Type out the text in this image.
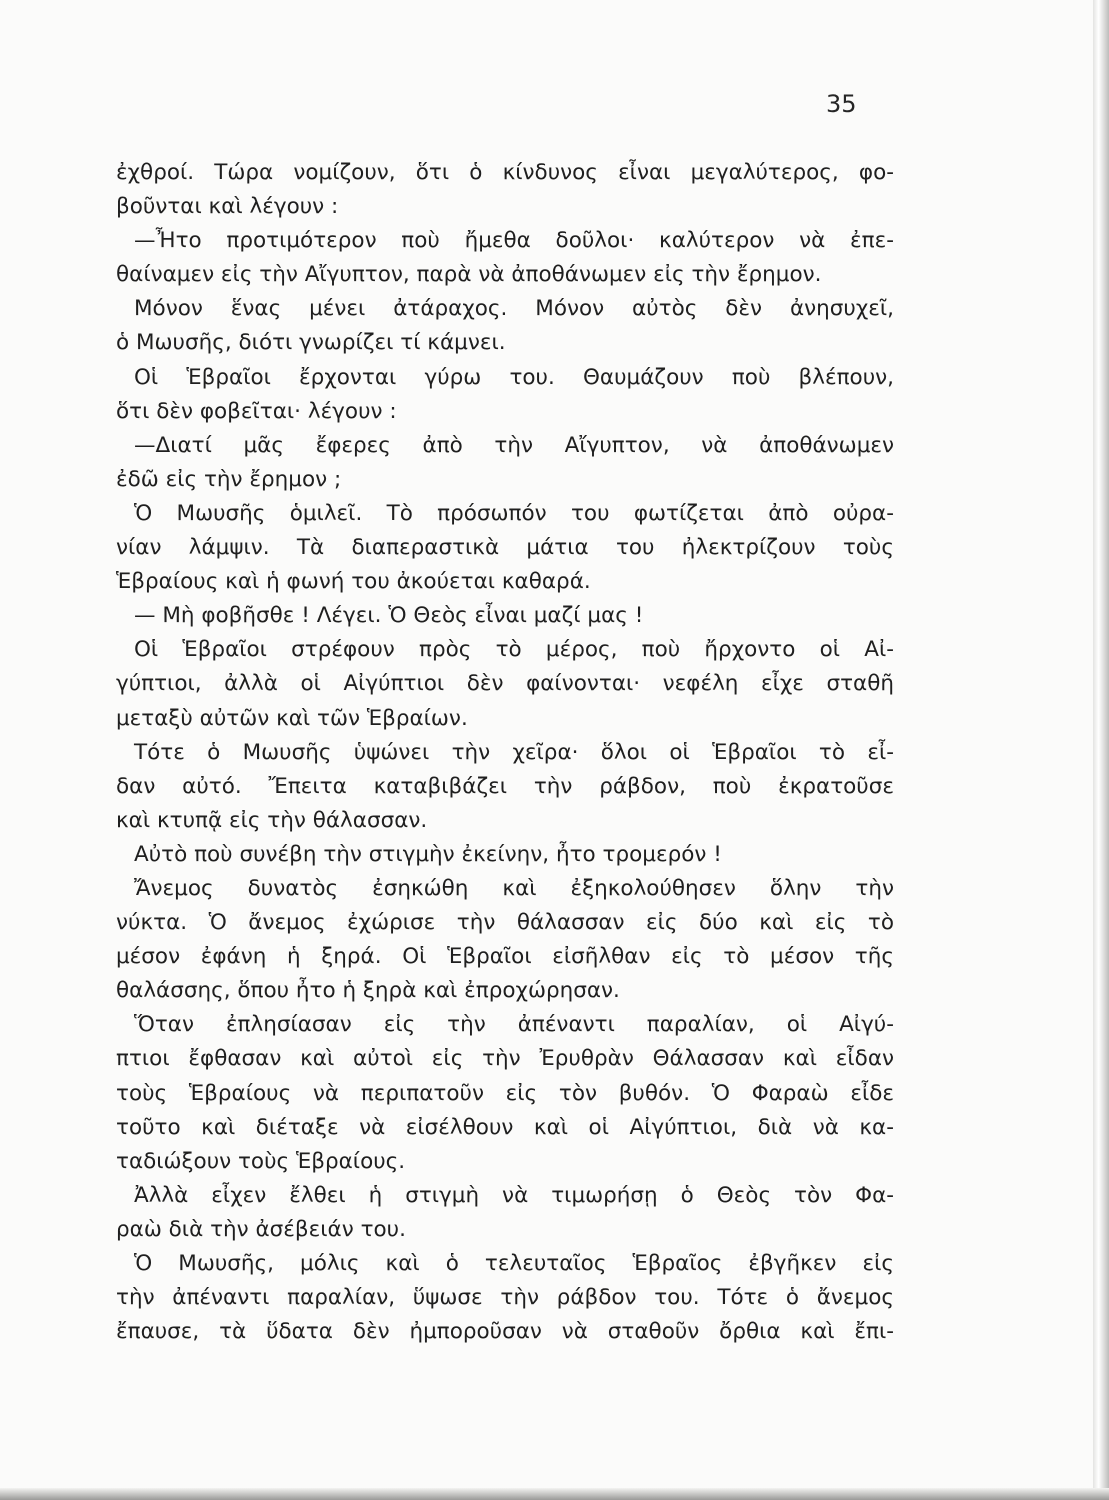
35
ἐχθροί. Τώρα νομίζουν, ὅτι ὁ κίνδυνος εἶναι μεγαλύτερος, φο-
βοῦνται καὶ λέγουν :
—Ἦτο προτιμότερον ποὺ ἤμεθα δοῦλοι· καλύτερον νὰ ἐπε-
θαίναμεν εἰς τὴν Αἴγυπτον, παρὰ νὰ ἀποθάνωμεν εἰς τὴν ἔρημον.
Μόνον ἕνας μένει ἀτάραχος. Μόνον αὐτὸς δὲν ἀνησυχεῖ,
ὁ Μωυσῆς, διότι γνωρίζει τί κάμνει.
Οἱ Ἑβραῖοι ἔρχονται γύρω του. Θαυμάζουν ποὺ βλέπουν,
ὅτι δὲν φοβεῖται· λέγουν :
—Διατί μᾶς ἔφερες ἀπὸ τὴν Αἴγυπτον, νὰ ἀποθάνωμεν
ἐδῶ εἰς τὴν ἔρημον ;
Ὁ Μωυσῆς ὁμιλεῖ. Τὸ πρόσωπόν του φωτίζεται ἀπὸ οὐρα-
νίαν λάμψιν. Τὰ διαπεραστικὰ μάτια του ἠλεκτρίζουν τοὺς
Ἑβραίους καὶ ἡ φωνή του ἀκούεται καθαρά.
— Μὴ φοβῆσθε ! Λέγει. Ὁ Θεὸς εἶναι μαζί μας !
Οἱ Ἑβραῖοι στρέφουν πρὸς τὸ μέρος, ποὺ ἤρχοντο οἱ Αἰ-
γύπτιοι, ἀλλὰ οἱ Αἰγύπτιοι δὲν φαίνονται· νεφέλη εἶχε σταθῆ
μεταξὺ αὐτῶν καὶ τῶν Ἑβραίων.
Τότε ὁ Μωυσῆς ὑψώνει τὴν χεῖρα· ὅλοι οἱ Ἑβραῖοι τὸ εἶ-
δαν αὐτό. Ἔπειτα καταβιβάζει τὴν ράβδον, ποὺ ἐκρατοῦσε
καὶ κτυπᾷ εἰς τὴν θάλασσαν.
Αὐτὸ ποὺ συνέβη τὴν στιγμὴν ἐκείνην, ἦτο τρομερόν !
Ἄνεμος δυνατὸς ἐσηκώθη καὶ ἐξηκολούθησεν ὅλην τὴν
νύκτα. Ὁ ἄνεμος ἐχώρισε τὴν θάλασσαν εἰς δύο καὶ εἰς τὸ
μέσον ἐφάνη ἡ ξηρά. Οἱ Ἑβραῖοι εἰσῆλθαν εἰς τὸ μέσον τῆς
θαλάσσης, ὅπου ἦτο ἡ ξηρὰ καὶ ἐπροχώρησαν.
Ὅταν ἐπλησίασαν εἰς τὴν ἀπέναντι παραλίαν, οἱ Αἰγύ-
πτιοι ἔφθασαν καὶ αὐτοὶ εἰς τὴν Ἐρυθρὰν Θάλασσαν καὶ εἶδαν
τοὺς Ἑβραίους νὰ περιπατοῦν εἰς τὸν βυθόν. Ὁ Φαραὼ εἶδε
τοῦτο καὶ διέταξε νὰ εἰσέλθουν καὶ οἱ Αἰγύπτιοι, διὰ νὰ κα-
ταδιώξουν τοὺς Ἑβραίους.
Ἀλλὰ εἶχεν ἔλθει ἡ στιγμὴ νὰ τιμωρήσῃ ὁ Θεὸς τὸν Φα-
ραὼ διὰ τὴν ἀσέβειάν του.
Ὁ Μωυσῆς, μόλις καὶ ὁ τελευταῖος Ἑβραῖος ἐβγῆκεν εἰς
τὴν ἀπέναντι παραλίαν, ὕψωσε τὴν ράβδον του. Τότε ὁ ἄνεμος
ἔπαυσε, τὰ ὕδατα δὲν ἠμποροῦσαν νὰ σταθοῦν ὄρθια καὶ ἔπι-
